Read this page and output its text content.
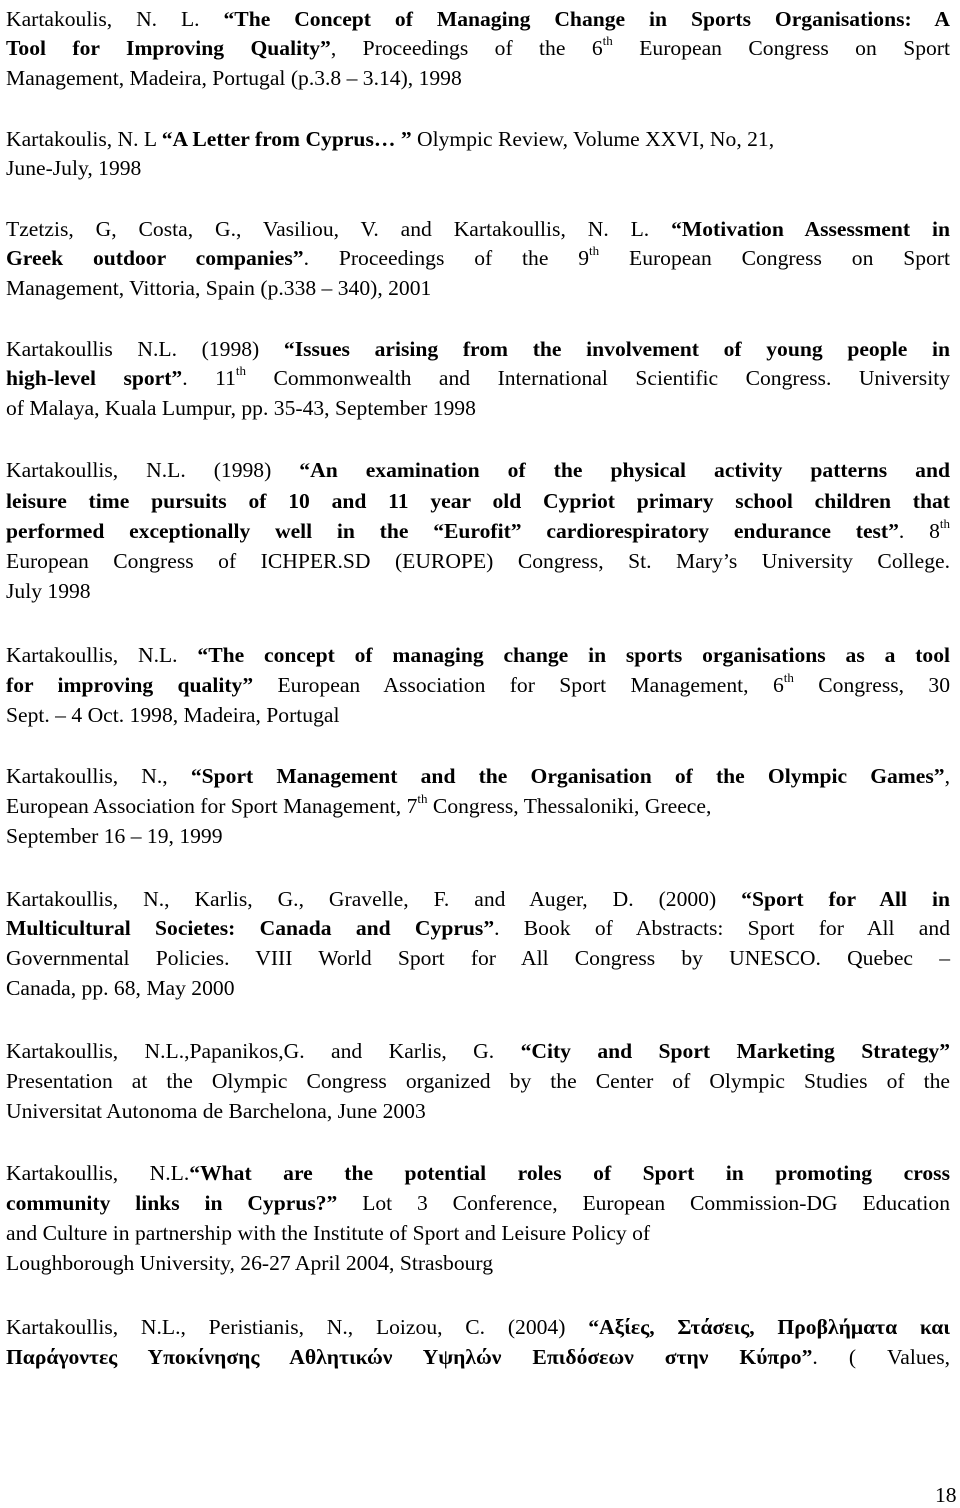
Kartakoulis, N. L. “The Concept of Managing Change in Sports Organisations: A
Tool for Improving Quality”, Proceedings of the 6th European Congress on Sport
Management, Madeira, Portugal (p.3.8 – 3.14), 1998
Kartakoulis, N. L “A Letter from Cyprus… ” Olympic Review, Volume XXVI, No, 21,
June-July, 1998
Tzetzis, G, Costa, G., Vasiliou, V. and Kartakoullis, N. L. “Motivation Assessment in
Greek outdoor companies”. Proceedings of the 9th European Congress on Sport
Management, Vittoria, Spain (p.338 – 340), 2001
Kartakoullis N.L. (1998) “Issues arising from the involvement of young people in
high-level sport”. 11th Commonwealth and International Scientific Congress. University
of Malaya, Kuala Lumpur, pp. 35-43, September 1998
Kartakoullis, N.L. (1998) “An examination of the physical activity patterns and
leisure time pursuits of 10 and 11 year old Cypriot primary school children that
performed exceptionally well in the “Eurofit” cardiorespiratory endurance test”. 8th
European Congress of ICHPER.SD (EUROPE) Congress, St. Mary’s University College.
July 1998
Kartakoullis, N.L. “The concept of managing change in sports organisations as a tool
for improving quality” European Association for Sport Management, 6th Congress, 30
Sept. – 4 Oct. 1998, Madeira, Portugal
Kartakoullis, N., “Sport Management and the Organisation of the Olympic Games”,
European Association for Sport Management, 7th Congress, Thessaloniki, Greece,
September 16 – 19, 1999
Kartakoullis, N., Karlis, G., Gravelle, F. and Auger, D. (2000) “Sport for All in
Multicultural Societes: Canada and Cyprus”. Book of Abstracts: Sport for All and
Governmental Policies. VIII World Sport for All Congress by UNESCO. Quebec –
Canada, pp. 68, May 2000
Kartakoullis, N.L.,Papanikos,G. and Karlis, G. “City and Sport Marketing Strategy”
Presentation at the Olympic Congress organized by the Center of Olympic Studies of the
Universitat Autonoma de Barchelona, June 2003
Kartakoullis, N.L.“What are the potential roles of Sport in promoting cross
community links in Cyprus?” Lot 3 Conference, European Commission-DG Education
and Culture in partnership with the Institute of Sport and Leisure Policy of
Loughborough University, 26-27 April 2004, Strasbourg
Kartakoullis, N.L., Peristianis, N., Loizou, C. (2004) “Αξίες, Στάσεις, Προβλήματα και
Παράγοντες Υποκίνησης Αθλητικών Υψηλών Επιδόσεων στην Κύπρο”. ( Values,
18
